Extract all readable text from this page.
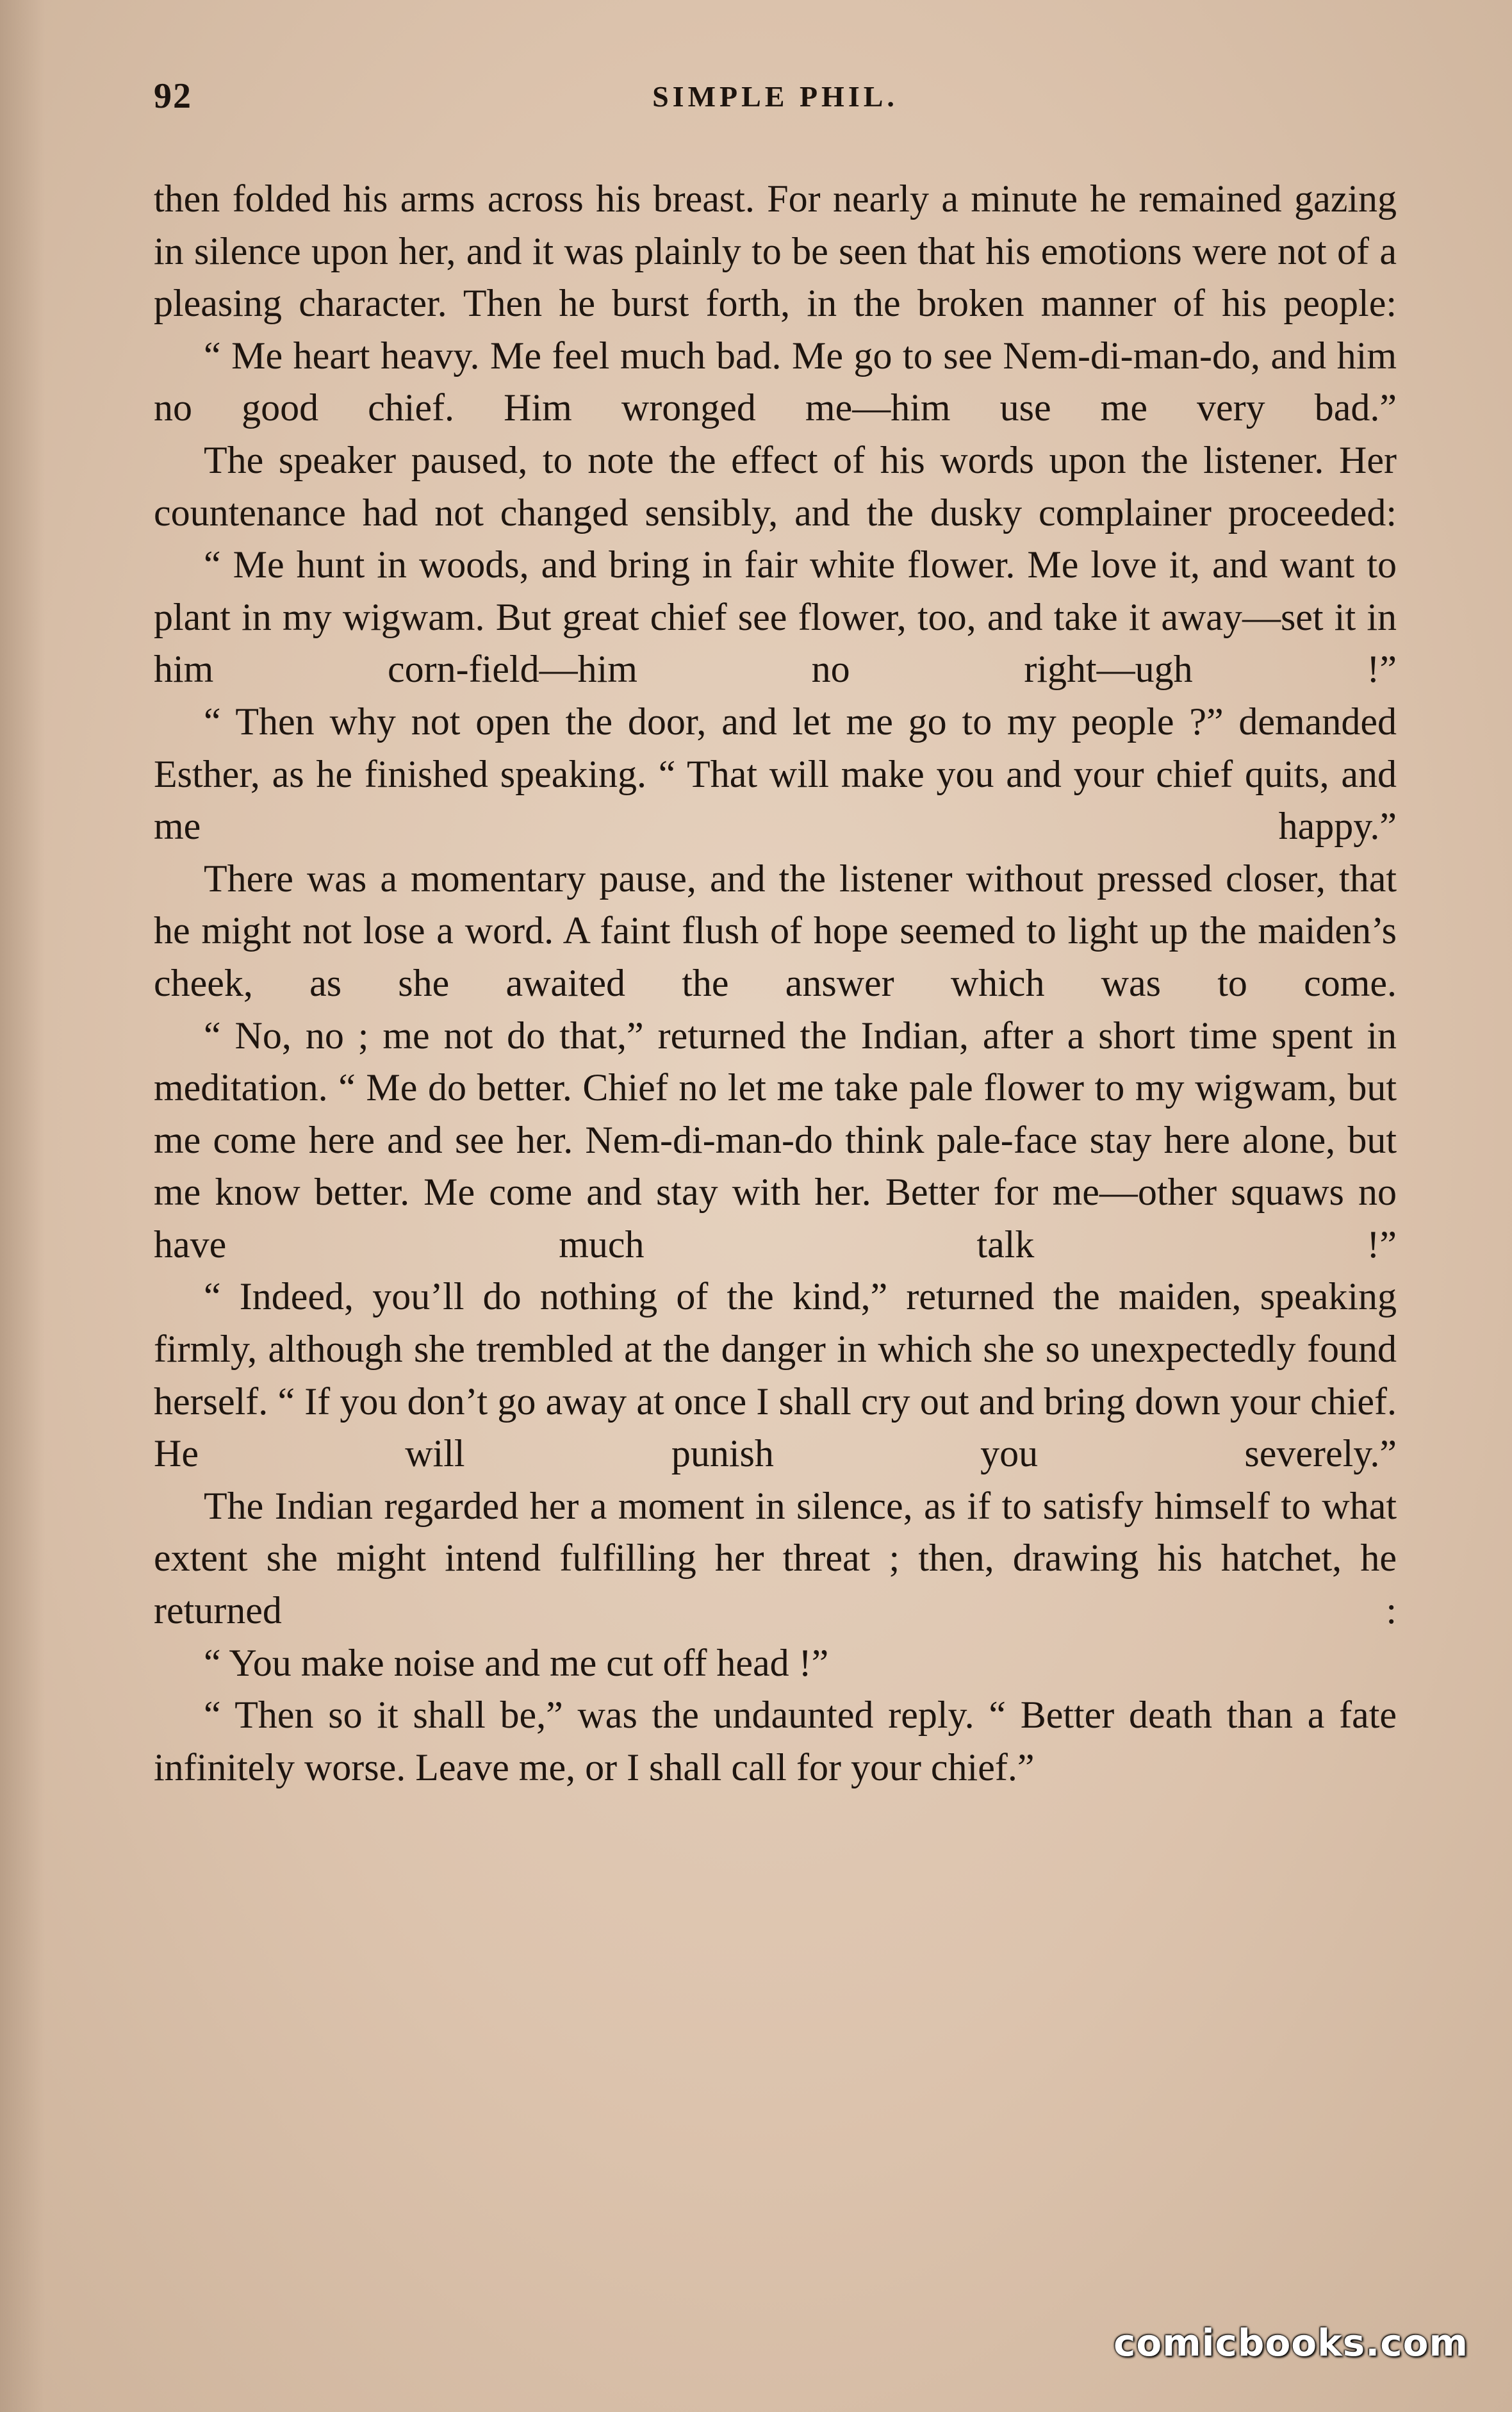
92	SIMPLE PHIL.

then folded his arms across his breast. For nearly a minute he remained gazing in silence upon her, and it was plainly to be seen that his emotions were not of a pleasing character. Then he burst forth, in the broken manner of his people:

“ Me heart heavy. Me feel much bad. Me go to see Nem-di-man-do, and him no good chief. Him wronged me—him use me very bad.”

The speaker paused, to note the effect of his words upon the listener. Her countenance had not changed sensibly, and the dusky complainer proceeded:

“ Me hunt in woods, and bring in fair white flower. Me love it, and want to plant in my wigwam. But great chief see flower, too, and take it away—set it in him corn-field—him no right—ugh !”

“ Then why not open the door, and let me go to my people ?” demanded Esther, as he finished speaking. “ That will make you and your chief quits, and me happy.”

There was a momentary pause, and the listener without pressed closer, that he might not lose a word. A faint flush of hope seemed to light up the maiden’s cheek, as she awaited the answer which was to come.

“ No, no ; me not do that,” returned the Indian, after a short time spent in meditation. “ Me do better. Chief no let me take pale flower to my wigwam, but me come here and see her. Nem-di-man-do think pale-face stay here alone, but me know better. Me come and stay with her. Better for me—other squaws no have much talk !”

“ Indeed, you’ll do nothing of the kind,” returned the maiden, speaking firmly, although she trembled at the danger in which she so unexpectedly found herself. “ If you don’t go away at once I shall cry out and bring down your chief. He will punish you severely.”

The Indian regarded her a moment in silence, as if to satisfy himself to what extent she might intend fulfilling her threat ; then, drawing his hatchet, he returned :

“ You make noise and me cut off head !”

“ Then so it shall be,” was the undaunted reply. “ Better death than a fate infinitely worse. Leave me, or I shall call for your chief.”

comicbooks.com
